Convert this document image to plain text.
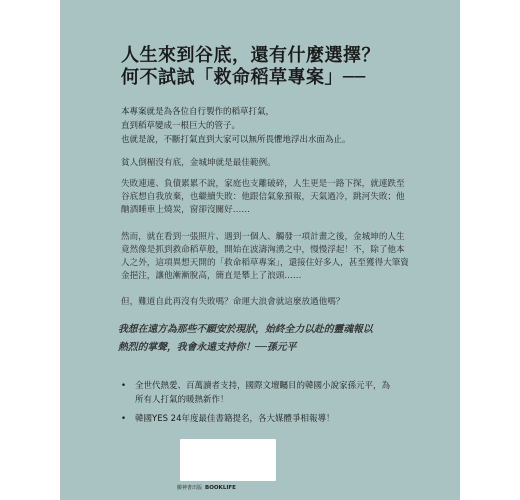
人生來到谷底，還有什麼選擇？
何不試試「救命稻草專案」──
本專案就是為各位自行製作的稻草打氣，
直到稻草變成一根巨大的管子。
也就是說，不斷打氣直到大家可以無所畏懼地浮出水面為止。
貧人倒楣沒有底，金城坤就是最佳範例。
失敗連連、負債累累不說，家庭也支離破碎，人生更是一路下探，就連跌至
谷底想自我放棄，也繼續失敗：他跟信氣象預報，天氣過冷，跳河失敗；他
酗酒睡車上燒炭，窗卻沒關好……
然而，就在看到一張照片、遇到一個人、觸發一項計畫之後，金城坤的人生
竟然像是抓到救命稻草般，開始在波濤洶湧之中，慢慢浮起！不，除了他本
人之外，這項異想天開的「救命稻草專案」，還接住好多人，甚至獲得大筆資
金挹注，讓他漸漸脫高，簡直是攀上了浪頭……
但，難道自此再沒有失敗嗎？命運大浪會就這麼放過他嗎？
我想在遠方為那些不願安於現狀，始終全力以赴的靈魂報以
熱烈的掌聲，我會永遠支持你！──孫元平
• 全世代熱愛、百萬讀者支持，國際文壇矚目的韓國小說家孫元平，為
所有人打氣的暖熱新作！
• 韓國YES 24年度最佳書籍提名，各大媒體爭相報導！
臉神書出版 BOOKLIFE
